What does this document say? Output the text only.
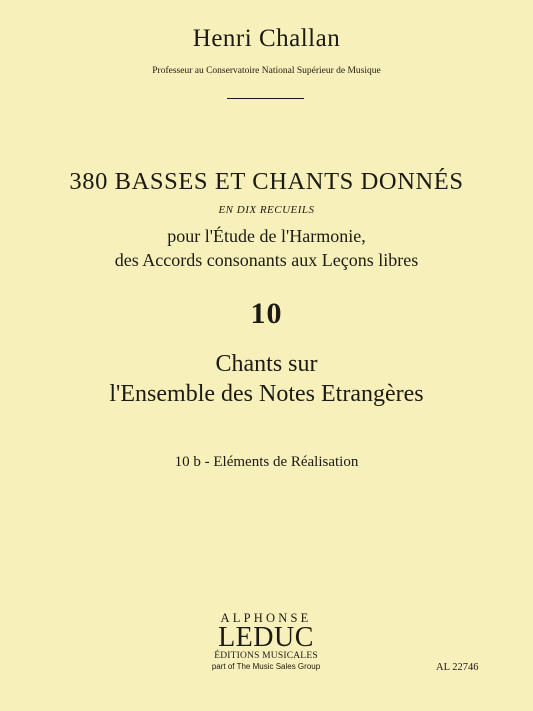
Henri Challan
Professeur au Conservatoire National Supérieur de Musique
380 BASSES ET CHANTS DONNÉS
EN DIX RECUEILS
pour l'Étude de l'Harmonie,
des Accords consonants aux Leçons libres
10
Chants sur
l'Ensemble des Notes Etrangères
10 b - Eléments de Réalisation
ALPHONSE
LEDUC
ÉDITIONS MUSICALES
part of The Music Sales Group	AL 22746
